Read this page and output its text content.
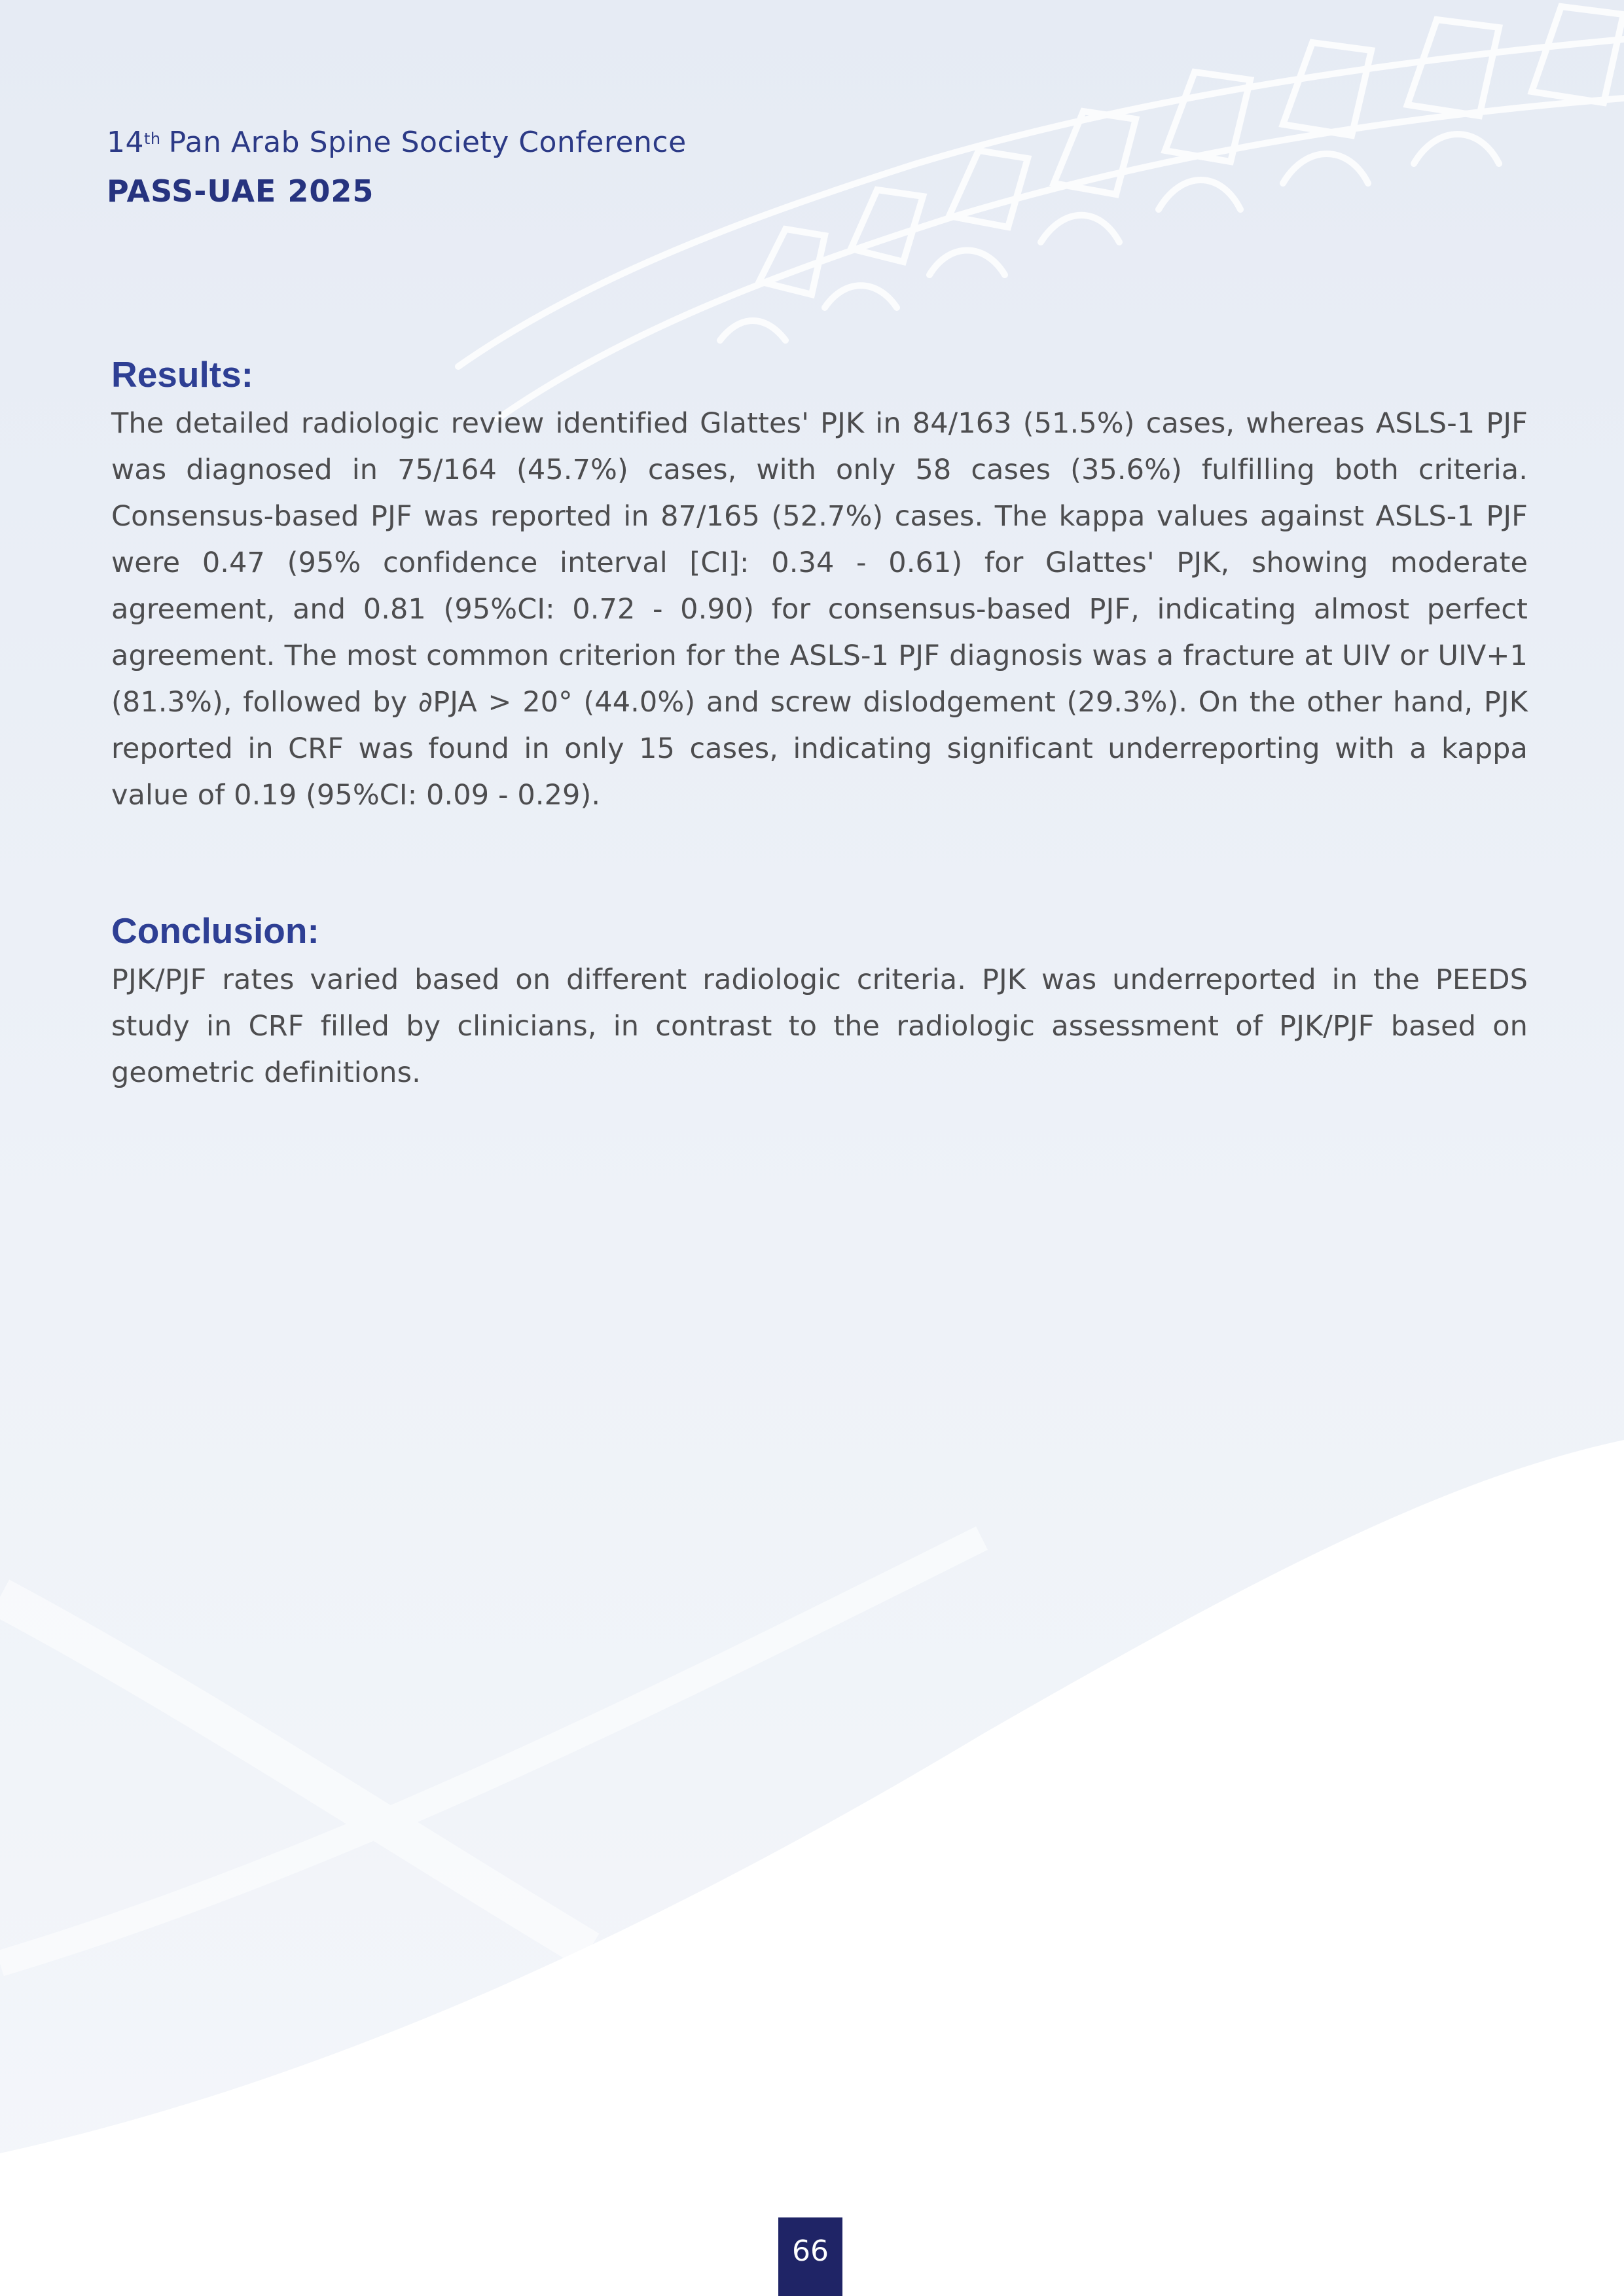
14th Pan Arab Spine Society Conference
PASS-UAE 2025
Results:

The detailed radiologic review identified Glattes' PJK in 84/163 (51.5%) cases, whereas ASLS-1 PJF was diagnosed in 75/164 (45.7%) cases, with only 58 cases (35.6%) fulfilling both criteria. Consensus-based PJF was reported in 87/165 (52.7%) cases. The kappa values against ASLS-1 PJF were 0.47 (95% confidence interval [CI]: 0.34 - 0.61) for Glattes' PJK, showing moderate agreement, and 0.81 (95%CI: 0.72 - 0.90) for consensus-based PJF, indicating almost perfect agreement. The most common criterion for the ASLS-1 PJF diagnosis was a fracture at UIV or UIV+1 (81.3%), followed by ∂PJA > 20° (44.0%) and screw dislodgement (29.3%). On the other hand, PJK reported in CRF was found in only 15 cases, indicating significant underreporting with a kappa value of 0.19 (95%CI: 0.09 - 0.29).

Conclusion:

PJK/PJF rates varied based on different radiologic criteria. PJK was underreported in the PEEDS study in CRF filled by clinicians, in contrast to the radiologic assessment of PJK/PJF based on geometric definitions.

66
